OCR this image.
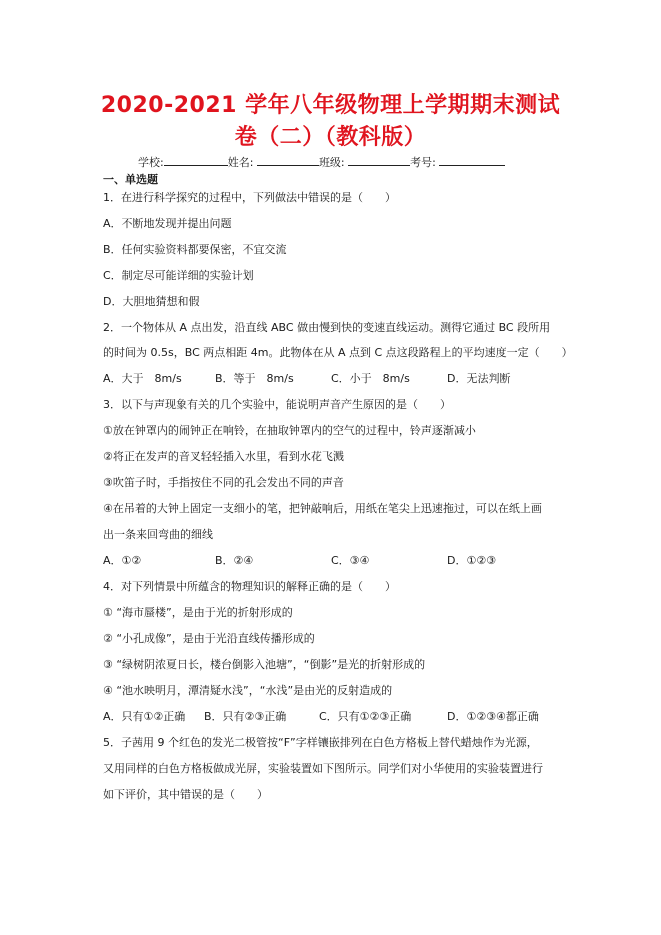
2020-2021 学年八年级物理上学期期末测试
卷（二）（教科版）
学校:	姓名:	班级:	考号:
一、单选题
1．在进行科学探究的过程中，下列做法中错误的是（　　）
A．不断地发现并提出问题
B．任何实验资料都要保密，不宜交流
C．制定尽可能详细的实验计划
D．大胆地猜想和假
2．一个物体从 A 点出发，沿直线 ABC 做由慢到快的变速直线运动。测得它通过 BC 段所用
的时间为 0.5s，BC 两点相距 4m。此物体在从 A 点到 C 点这段路程上的平均速度一定（　　）
A．大于　8m/s	B．等于　8m/s	C．小于　8m/s	D．无法判断
3．以下与声现象有关的几个实验中，能说明声音产生原因的是（　　）
①放在钟罩内的闹钟正在响铃，在抽取钟罩内的空气的过程中，铃声逐渐减小
②将正在发声的音叉轻轻插入水里，看到水花飞溅
③吹笛子时，手指按住不同的孔会发出不同的声音
④在吊着的大钟上固定一支细小的笔，把钟敲响后，用纸在笔尖上迅速拖过，可以在纸上画
出一条来回弯曲的细线
A．①②	B．②④	C．③④	D．①②③
4．对下列情景中所蕴含的物理知识的解释正确的是（　　）
① “海市蜃楼”，是由于光的折射形成的
② “小孔成像”，是由于光沿直线传播形成的
③ “绿树阴浓夏日长，楼台倒影入池塘”，“倒影”是光的折射形成的
④ “池水映明月，潭清疑水浅”，“水浅”是由光的反射造成的
A．只有①②正确 B．只有②③正确	C．只有①②③正确	D．①②③④都正确
5．子茜用 9 个红色的发光二极管按“F”字样镶嵌排列在白色方格板上替代蜡烛作为光源，
又用同样的白色方格板做成光屏，实验装置如下图所示。同学们对小华使用的实验装置进行
如下评价，其中错误的是（　　）
